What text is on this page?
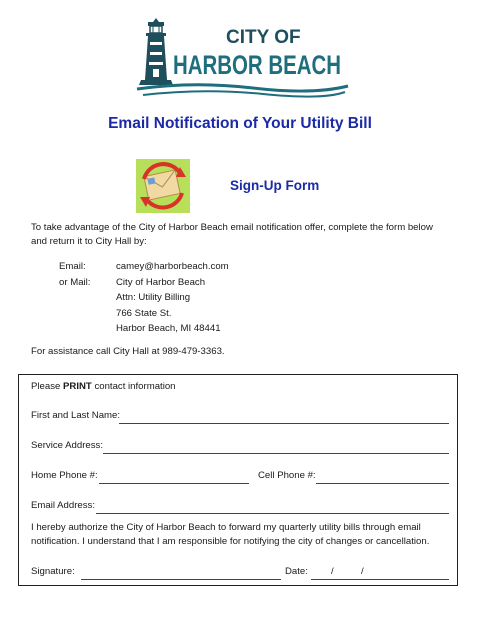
CITY OF
HARBOR BEACH
Email Notification of Your Utility Bill
Sign-Up Form
To take advantage of the City of Harbor Beach email notification offer, complete the form below and return it to City Hall by:
Email:	camey@harborbeach.com
or Mail:	City of Harbor Beach
Attn: Utility Billing
766 State St.
Harbor Beach, MI 48441
For assistance call City Hall at 989-479-3363.
Please PRINT contact information
First and Last Name:
Service Address:
Home Phone #:	Cell Phone #:
Email Address:
I hereby authorize the City of Harbor Beach to forward my quarterly utility bills through email notification. I understand that I am responsible for notifying the city of changes or cancellation.
Signature:	Date: /	/
